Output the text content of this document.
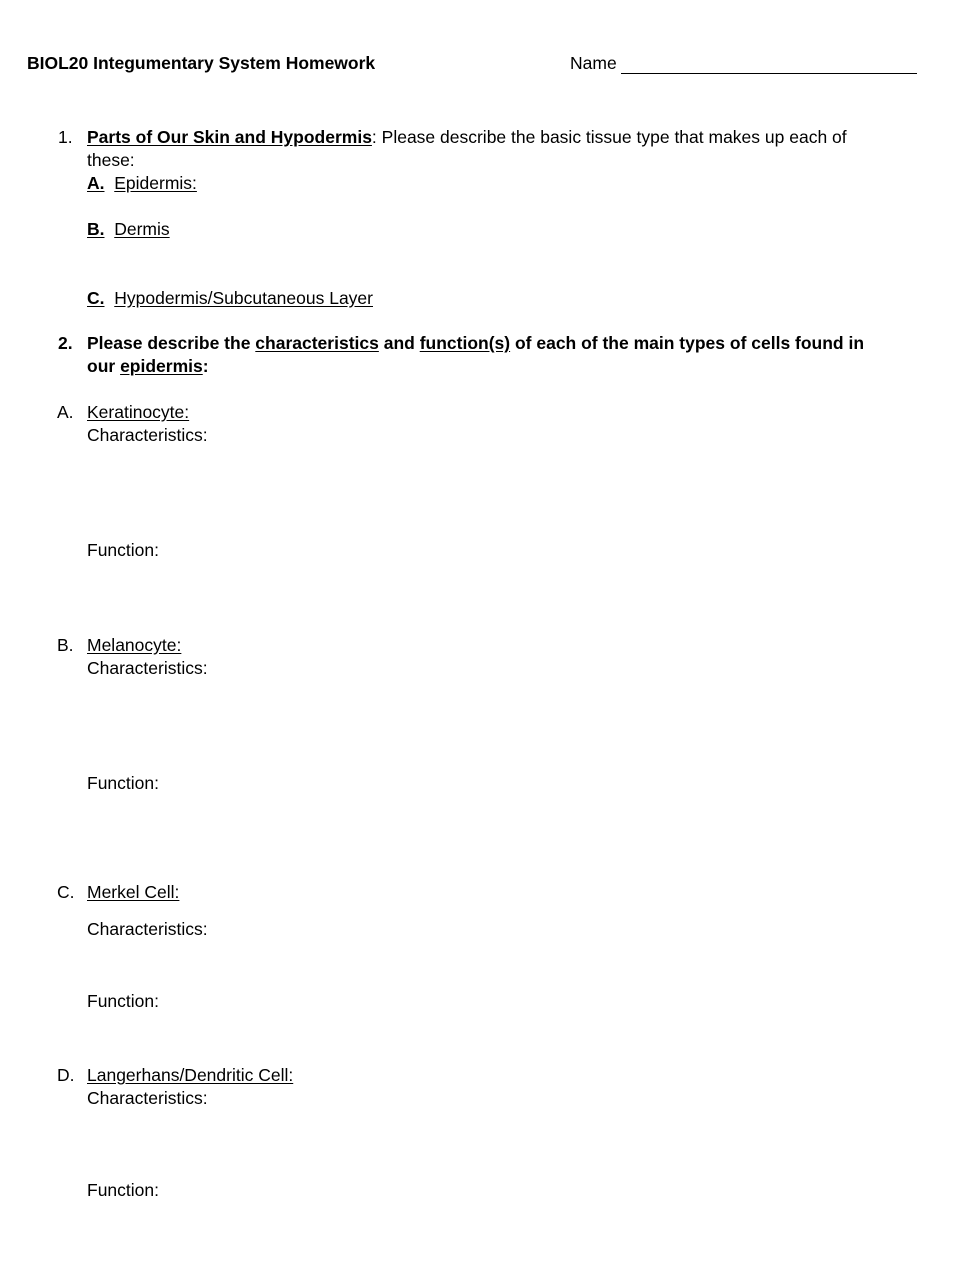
BIOL20 Integumentary System Homework	Name
1. Parts of Our Skin and Hypodermis: Please describe the basic tissue type that makes up each of
these:
A. Epidermis:
B. Dermis
C. Hypodermis/Subcutaneous Layer
2. Please describe the characteristics and function(s) of each of the main types of cells found in
our epidermis:
A. Keratinocyte:
Characteristics:
Function:
B. Melanocyte:
Characteristics:
Function:
C. Merkel Cell:
Characteristics:
Function:
D. Langerhans/Dendritic Cell:
Characteristics:
Function:
